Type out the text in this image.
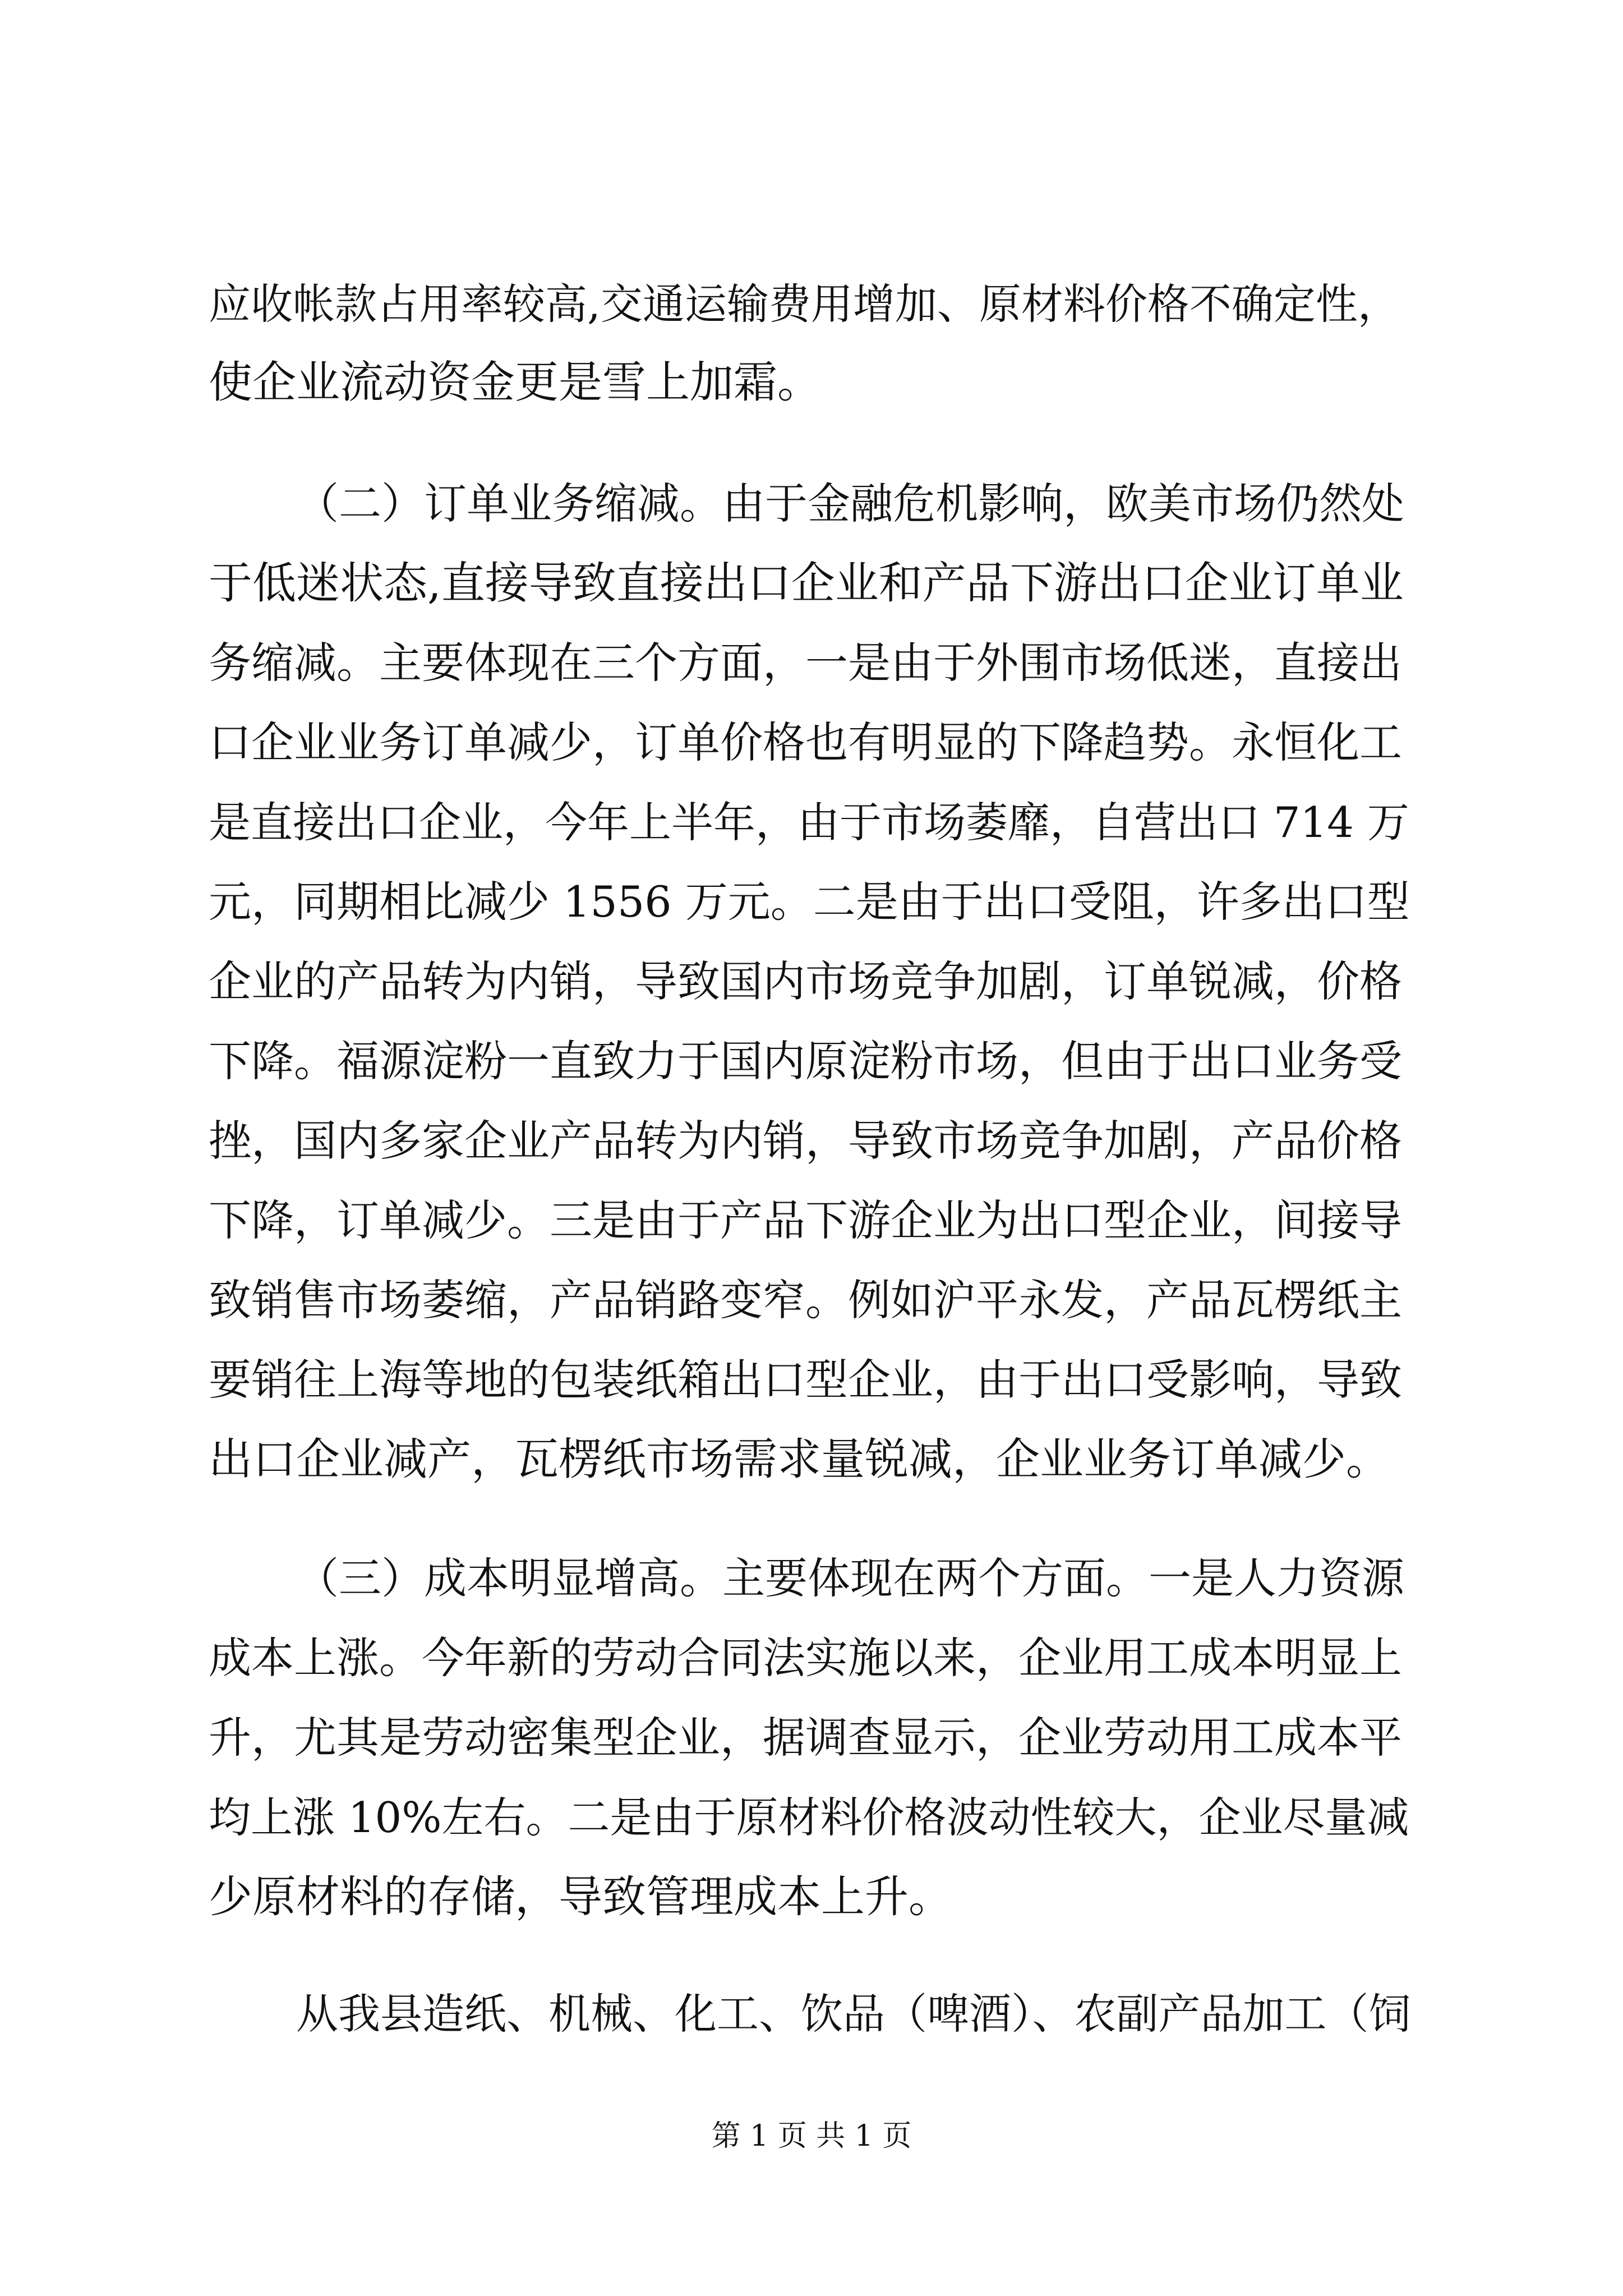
应收帐款占用率较高,交通运输费用增加、原材料价格不确定性，
使企业流动资金更是雪上加霜。
（二）订单业务缩减。由于金融危机影响，欧美市场仍然处
于低迷状态,直接导致直接出口企业和产品下游出口企业订单业
务缩减。主要体现在三个方面，一是由于外围市场低迷，直接出
口企业业务订单减少，订单价格也有明显的下降趋势。永恒化工
是直接出口企业，今年上半年，由于市场萎靡，自营出口 714 万
元，同期相比减少 1556 万元。二是由于出口受阻，许多出口型
企业的产品转为内销，导致国内市场竞争加剧，订单锐减，价格
下降。福源淀粉一直致力于国内原淀粉市场，但由于出口业务受
挫，国内多家企业产品转为内销，导致市场竞争加剧，产品价格
下降，订单减少。三是由于产品下游企业为出口型企业，间接导
致销售市场萎缩，产品销路变窄。例如沪平永发，产品瓦楞纸主
要销往上海等地的包装纸箱出口型企业，由于出口受影响，导致
出口企业减产，瓦楞纸市场需求量锐减，企业业务订单减少。
（三）成本明显增高。主要体现在两个方面。一是人力资源
成本上涨。今年新的劳动合同法实施以来，企业用工成本明显上
升，尤其是劳动密集型企业，据调查显示，企业劳动用工成本平
均上涨 10%左右。二是由于原材料价格波动性较大，企业尽量减
少原材料的存储，导致管理成本上升。
从我县造纸、机械、化工、饮品（啤酒）、农副产品加工（饲
第 1 页 共 1 页
